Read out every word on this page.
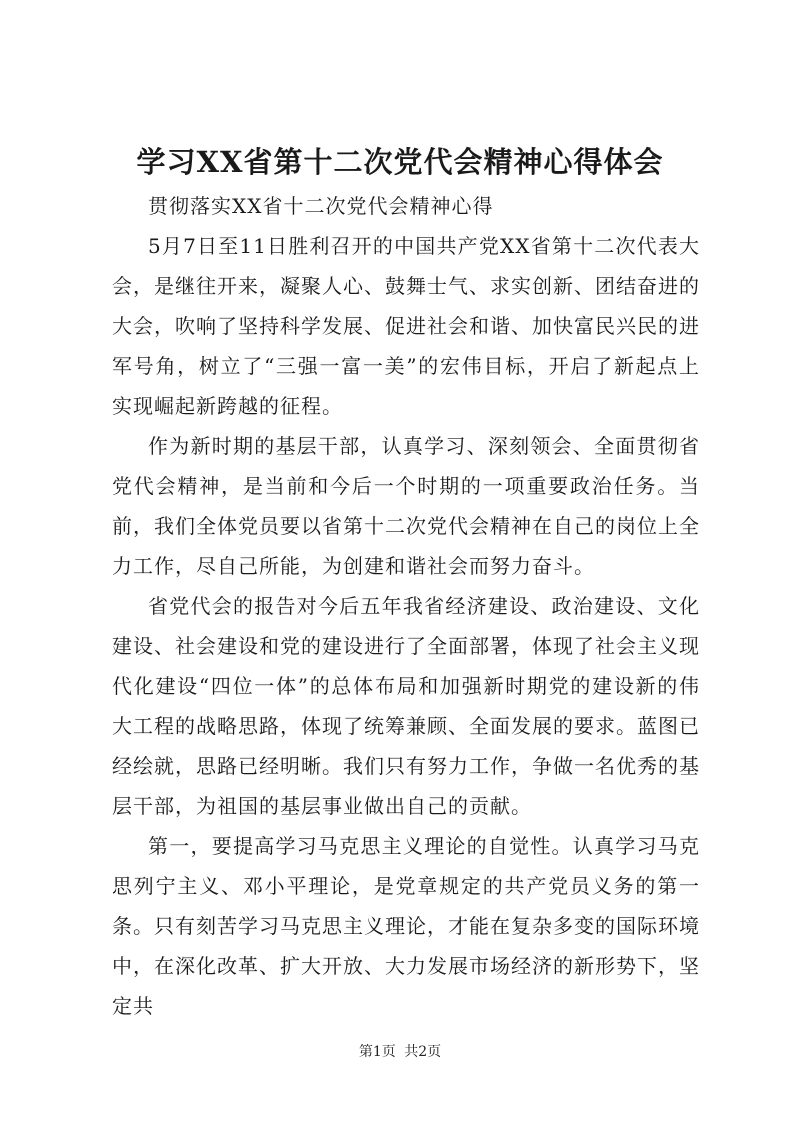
学习XX省第十二次党代会精神心得体会

贯彻落实XX省十二次党代会精神心得

5月7日至11日胜利召开的中国共产党XX省第十二次代表大会，是继往开来，凝聚人心、鼓舞士气、求实创新、团结奋进的大会，吹响了坚持科学发展、促进社会和谐、加快富民兴民的进军号角，树立了“三强一富一美”的宏伟目标，开启了新起点上实现崛起新跨越的征程。

作为新时期的基层干部，认真学习、深刻领会、全面贯彻省党代会精神，是当前和今后一个时期的一项重要政治任务。当前，我们全体党员要以省第十二次党代会精神在自己的岗位上全力工作，尽自己所能，为创建和谐社会而努力奋斗。

省党代会的报告对今后五年我省经济建设、政治建设、文化建设、社会建设和党的建设进行了全面部署，体现了社会主义现代化建设“四位一体”的总体布局和加强新时期党的建设新的伟大工程的战略思路，体现了统筹兼顾、全面发展的要求。蓝图已经绘就，思路已经明晰。我们只有努力工作，争做一名优秀的基层干部，为祖国的基层事业做出自己的贡献。

第一，要提高学习马克思主义理论的自觉性。认真学习马克思列宁主义、邓小平理论，是党章规定的共产党员义务的第一条。只有刻苦学习马克思主义理论，才能在复杂多变的国际环境中，在深化改革、扩大开放、大力发展市场经济的新形势下，坚定共

第1页 共2页
